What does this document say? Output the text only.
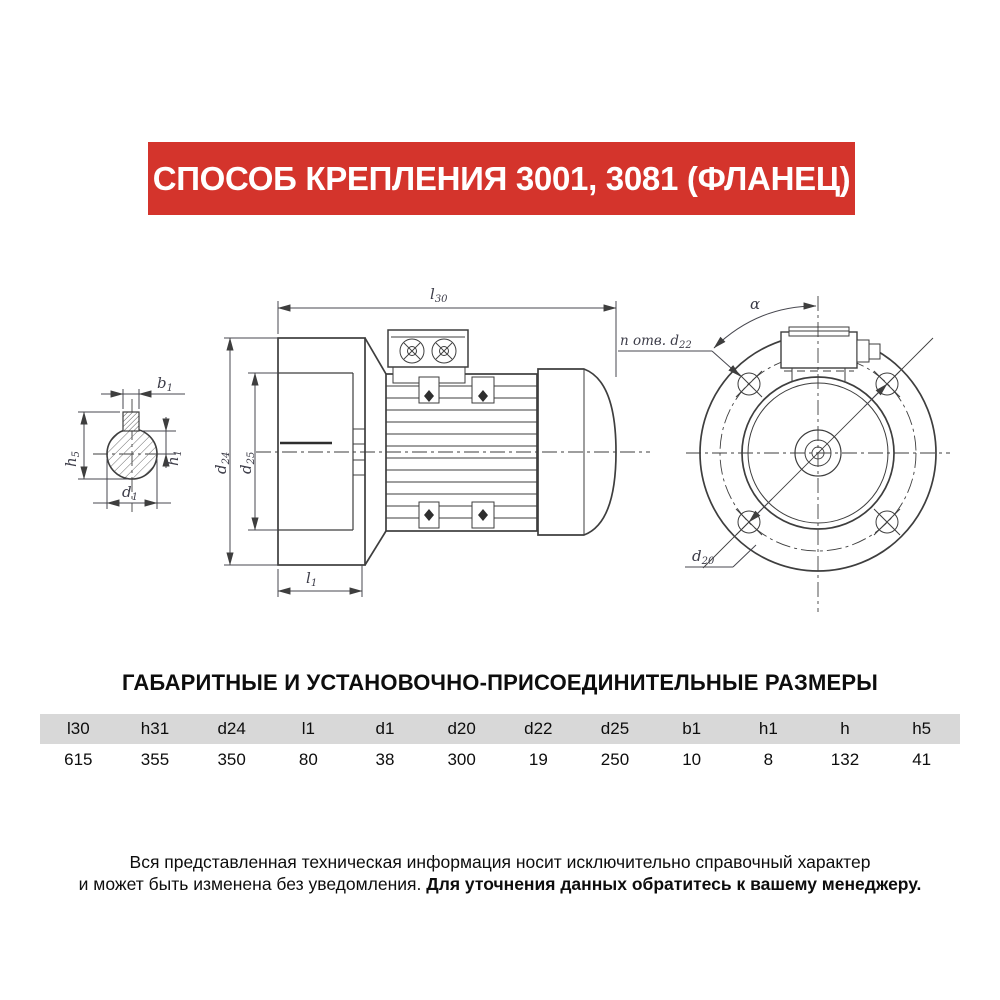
СПОСОБ КРЕПЛЕНИЯ 3001, 3081 (ФЛАНЕЦ)
$b_1$
$h_5$
$h_1$
$d_1$
$l_{30}$
$d_{24}$
$d_{25}$
$l_1$
α
n отв. $d_{22}$
$d_{20}$
ГАБАРИТНЫЕ И УСТАНОВОЧНО-ПРИСОЕДИНИТЕЛЬНЫЕ РАЗМЕРЫ
l30	h31	d24	l1	d1	d20	d22	d25	b1	h1	h	h5
615	355	350	80	38	300	19	250	10	8	132	41
Вся представленная техническая информация носит исключительно справочный характер
и может быть изменена без уведомления. Для уточнения данных обратитесь к вашему менеджеру.
